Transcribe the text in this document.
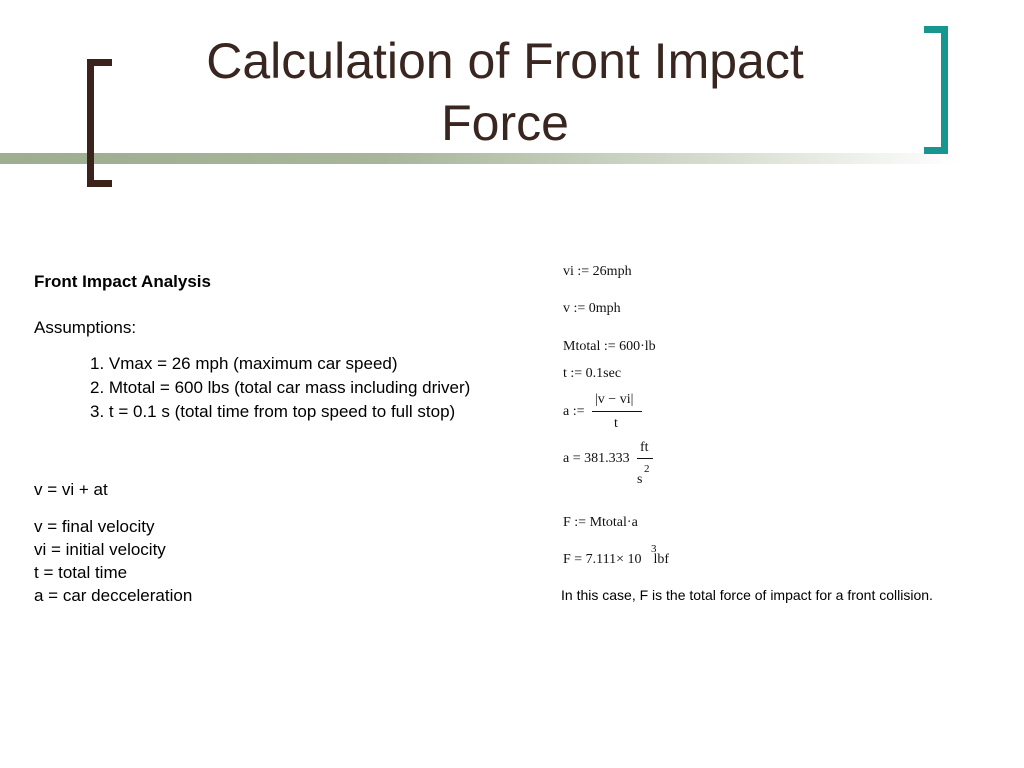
Calculation of Front Impact
Force
Front Impact Analysis
Assumptions:
1. Vmax = 26 mph (maximum car speed)
2. Mtotal = 600 lbs (total car mass including driver)
3. t = 0.1 s (total time from top speed to full stop)
v = vi + at
v = final velocity
vi = initial velocity
t = total time
a = car decceleration
vi := 26mph
v := 0mph
Mtotal := 600·lb
t := 0.1sec
a :=
|v − vi|
t
a = 381.333
ft
s
2
F := Mtotal·a
F = 7.111× 10 lbf
3
In this case, F is the total force of impact for a front collision.
